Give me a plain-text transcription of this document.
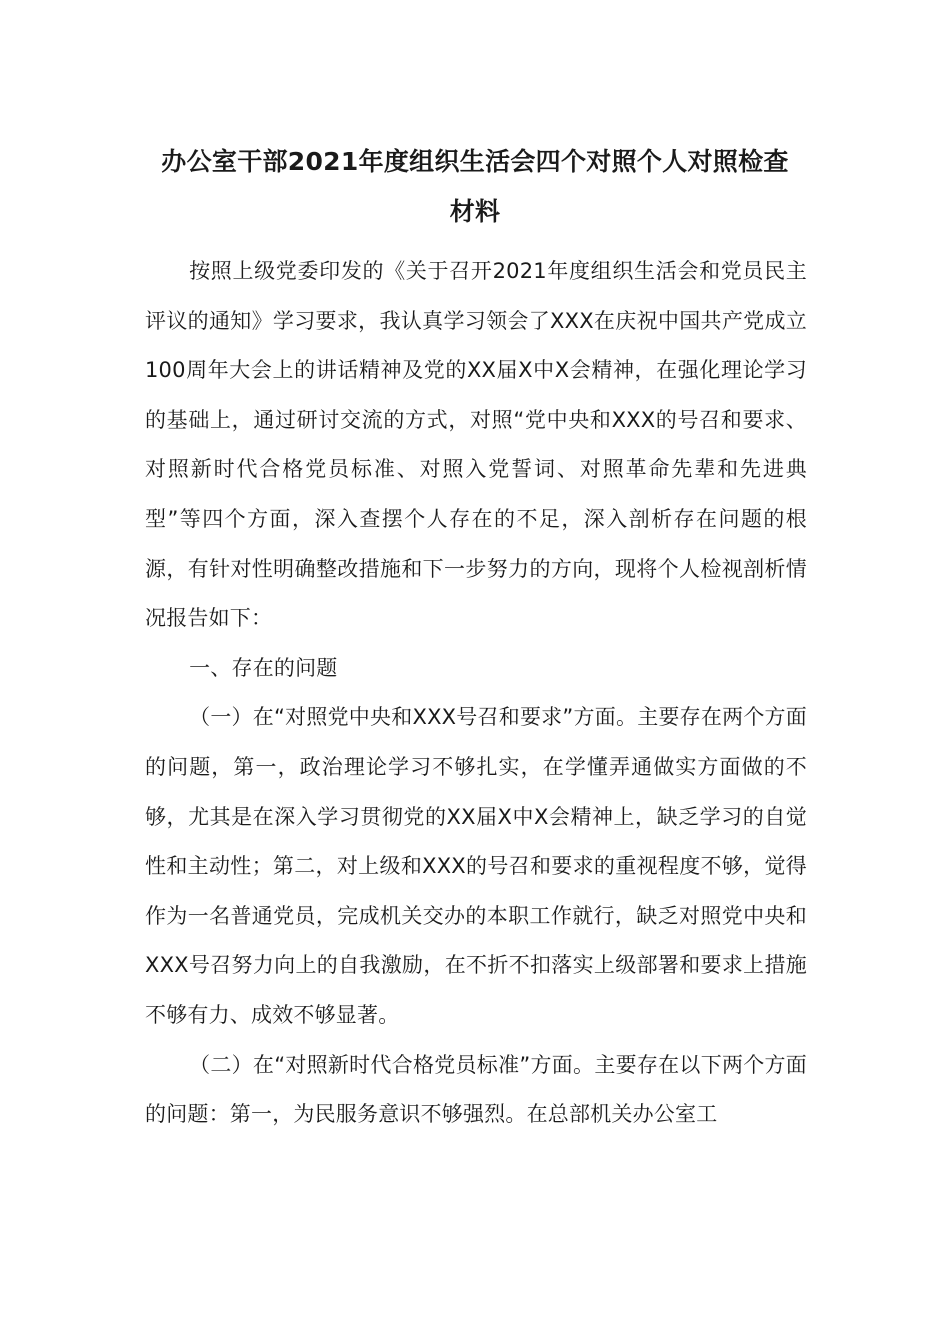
办公室干部2021年度组织生活会四个对照个人对照检查
材料

按照上级党委印发的《关于召开2021年度组织生活会和党员民主评议的通知》学习要求，我认真学习领会了XXX在庆祝中国共产党成立100周年大会上的讲话精神及党的XX届X中X会精神，在强化理论学习的基础上，通过研讨交流的方式，对照“党中央和XXX的号召和要求、对照新时代合格党员标准、对照入党誓词、对照革命先辈和先进典型”等四个方面，深入查摆个人存在的不足，深入剖析存在问题的根源，有针对性明确整改措施和下一步努力的方向，现将个人检视剖析情况报告如下：

一、存在的问题

（一）在“对照党中央和XXX号召和要求”方面。主要存在两个方面的问题，第一，政治理论学习不够扎实，在学懂弄通做实方面做的不够，尤其是在深入学习贯彻党的XX届X中X会精神上，缺乏学习的自觉性和主动性；第二，对上级和XXX的号召和要求的重视程度不够，觉得作为一名普通党员，完成机关交办的本职工作就行，缺乏对照党中央和XXX号召努力向上的自我激励，在不折不扣落实上级部署和要求上措施不够有力、成效不够显著。

（二）在“对照新时代合格党员标准”方面。主要存在以下两个方面的问题：第一，为民服务意识不够强烈。在总部机关办公室工
